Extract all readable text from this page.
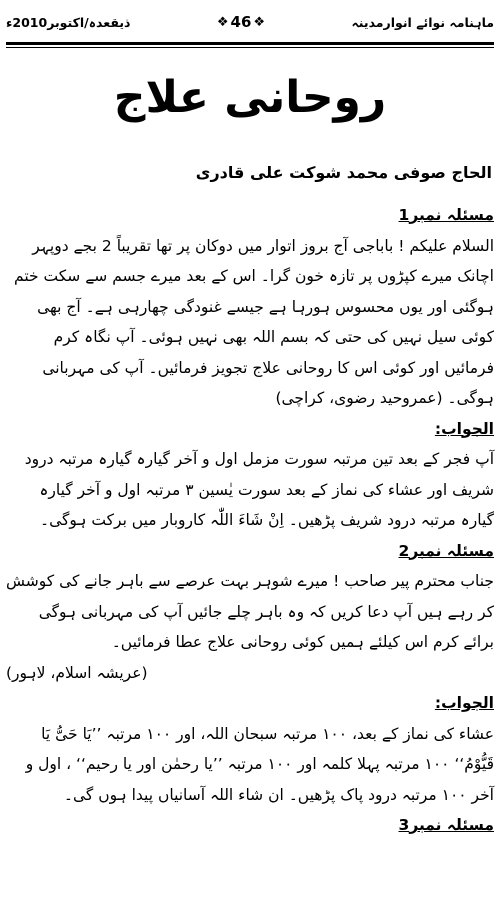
ماہنامہ نوائے انوارمدینہ
❖ 46 ❖
ذیقعدہ/اکتوبر2010ء
روحانی علاج
الحاج صوفی محمد شوکت علی قادری

مسئلہ نمبر1

السلام علیکم ! باباجی آج بروز اتوار میں دوکان پر تھا تقریباً 2 بجے دوپہر اچانک میرے کپڑوں پر تازہ خون گرا۔ اس کے بعد میرے جسم سے سکت ختم ہوگئی اور یوں محسوس ہورہا ہے جیسے غنودگی چھارہی ہے۔ آج بھی کوئی سیل نہیں کی حتی کہ بسم اللہ بھی نہیں ہوئی۔ آپ نگاہ کرم فرمائیں اور کوئی اس کا روحانی علاج تجویز فرمائیں۔ آپ کی مہربانی ہوگی۔ (عمروحید رضوی، کراچی)

الجواب:

آپ فجر کے بعد تین مرتبہ سورت مزمل اول و آخر گیارہ گیارہ مرتبہ درود شریف اور عشاء کی نماز کے بعد سورت یٰسین ۳ مرتبہ اول و آخر گیارہ گیارہ مرتبہ درود شریف پڑھیں۔ اِنْ شَاءَ اللّٰہ کاروبار میں برکت ہوگی۔

مسئلہ نمبر2

جناب محترم پیر صاحب ! میرے شوہر بہت عرصے سے باہر جانے کی کوشش کر رہے ہیں آپ دعا کریں کہ وہ باہر چلے جائیں آپ کی مہربانی ہوگی برائے کرم اس کیلئے ہمیں کوئی روحانی علاج عطا فرمائیں۔
(عریشہ اسلام، لاہور)

الجواب:

عشاء کی نماز کے بعد، ۱۰۰ مرتبہ سبحان اللہ، اور ۱۰۰ مرتبہ ’’یَا حَیُّ یَا قَیُّوْمُ‘‘ ۱۰۰ مرتبہ پہلا کلمہ اور ۱۰۰ مرتبہ ’’یا رحمٰن اور یا رحیم‘‘ ، اول و آخر ۱۰۰ مرتبہ درود پاک پڑھیں۔ ان شاء اللہ آسانیاں پیدا ہوں گی۔

مسئلہ نمبر3
